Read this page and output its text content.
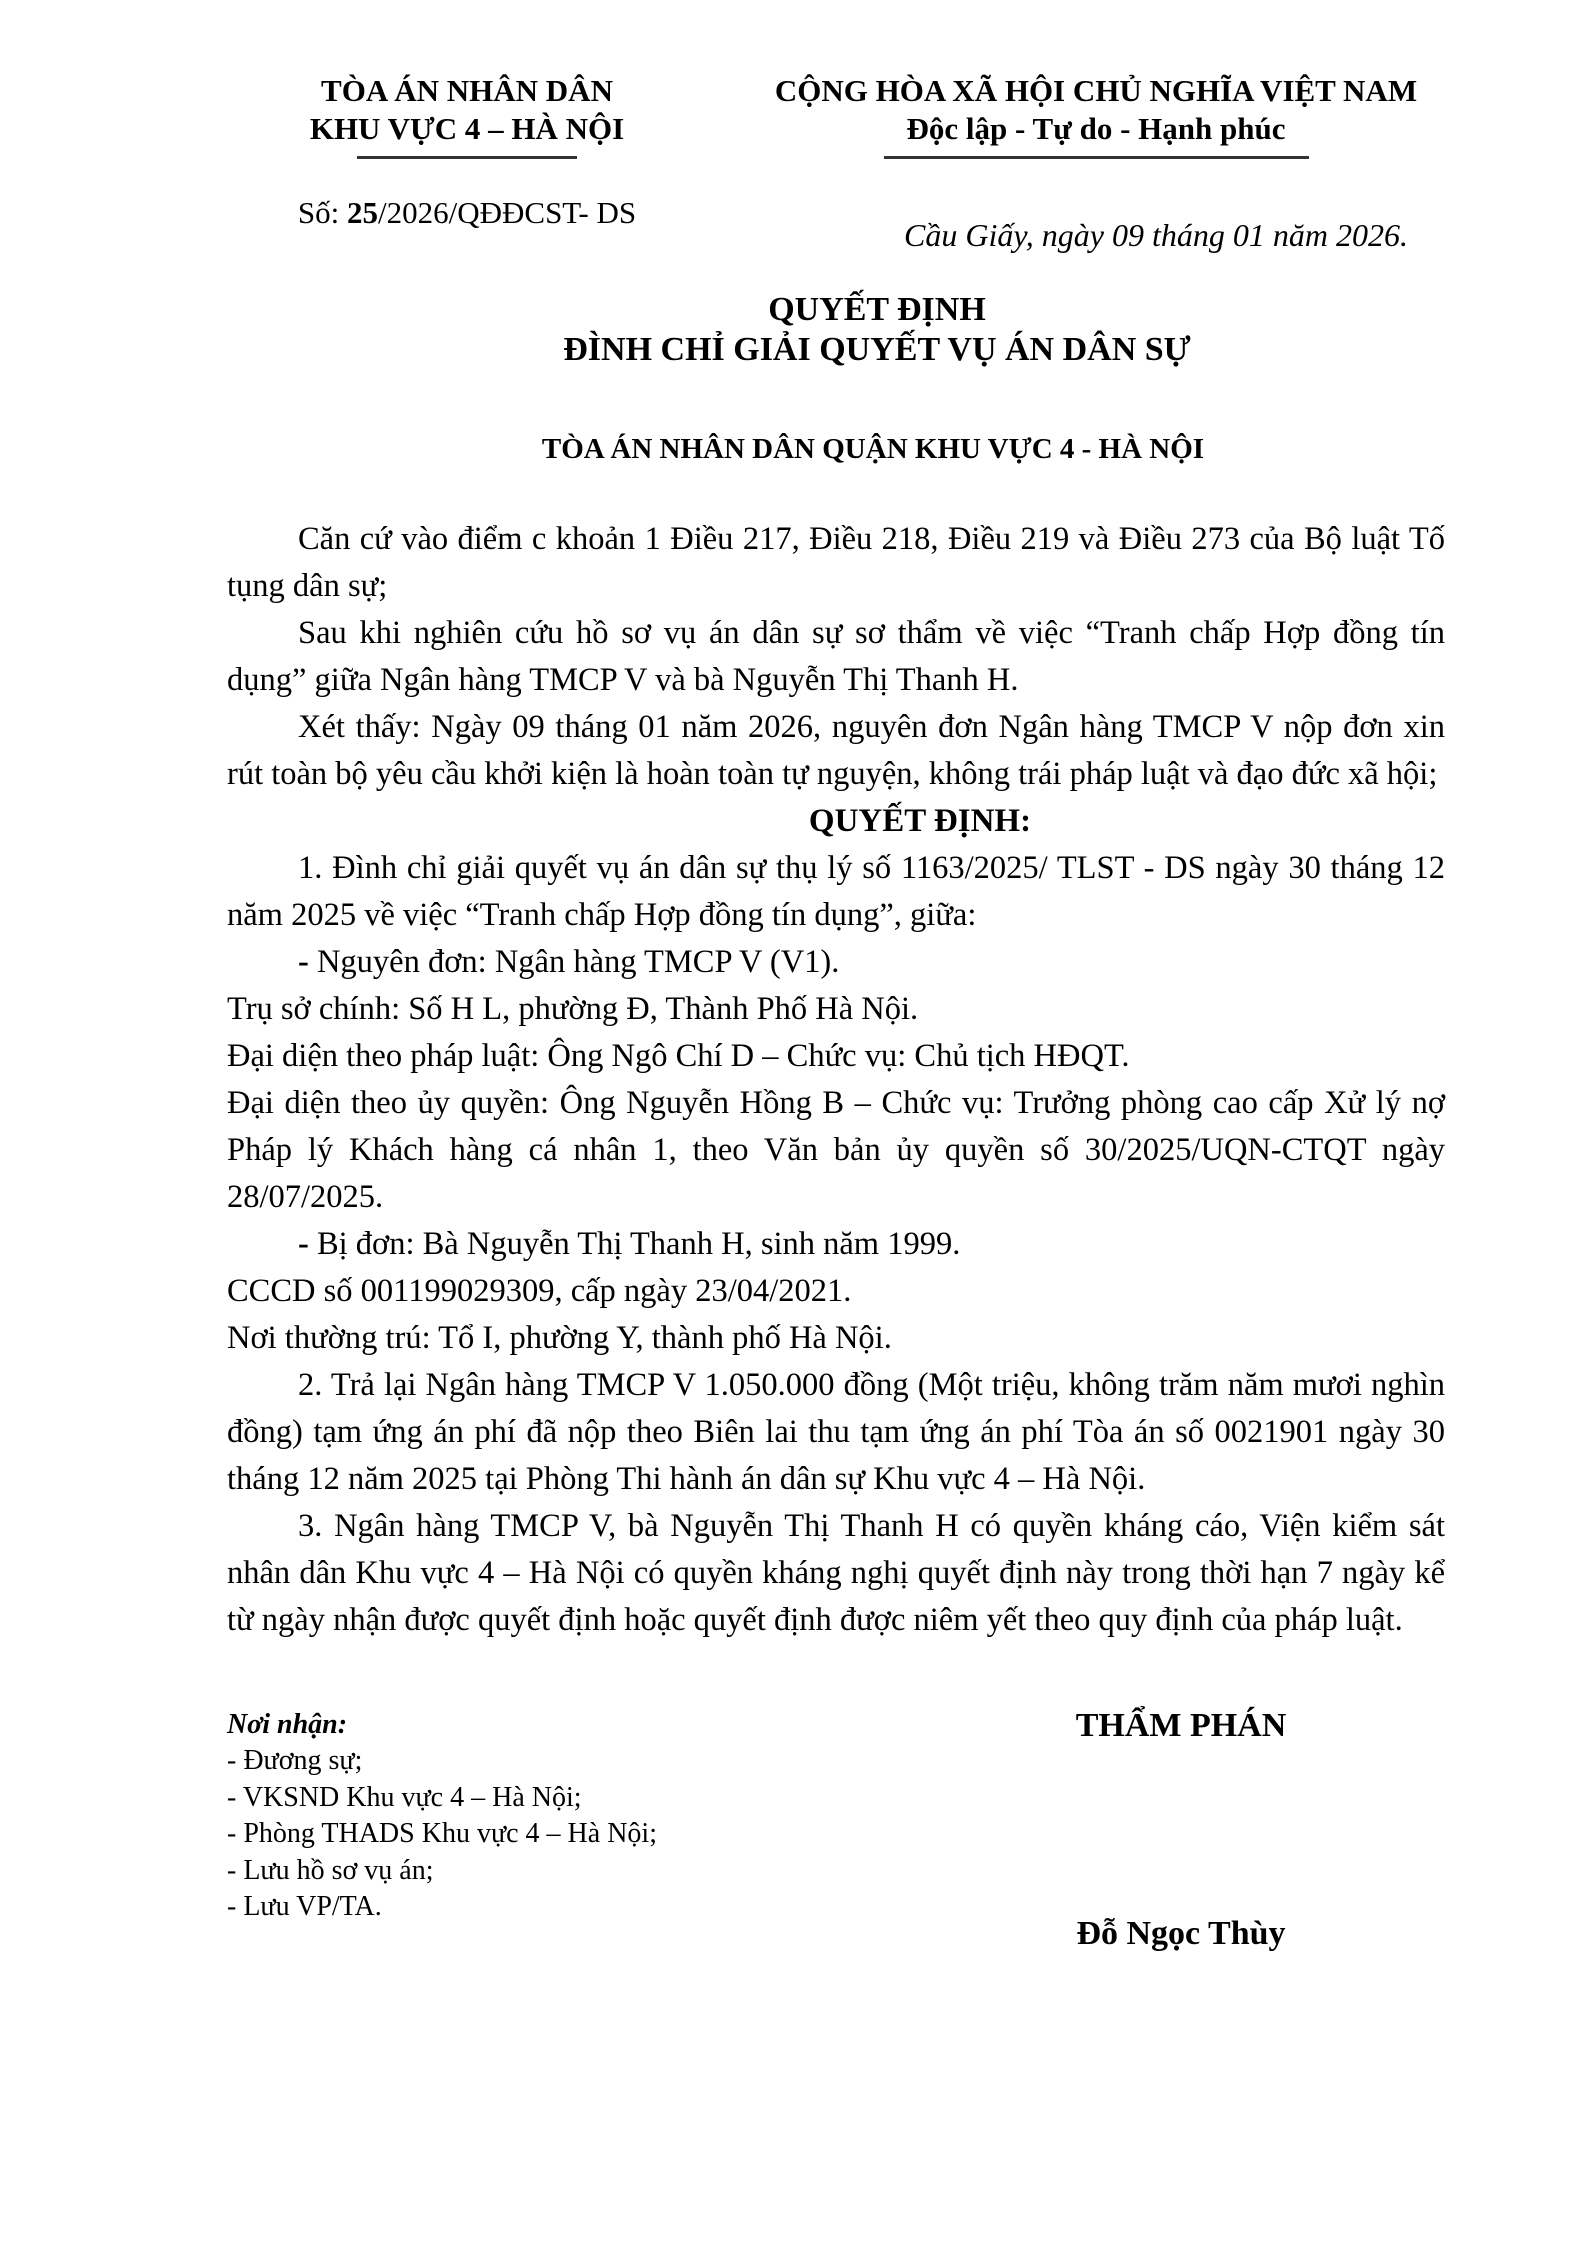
TÒA ÁN NHÂN DÂN
KHU VỰC 4 – HÀ NỘI
Số: 25/2026/QĐĐCST- DS
CỘNG HÒA XÃ HỘI CHỦ NGHĨA VIỆT NAM
Độc lập - Tự do - Hạnh phúc
Cầu Giấy, ngày 09 tháng 01 năm 2026.
QUYẾT ĐỊNH
ĐÌNH CHỈ GIẢI QUYẾT VỤ ÁN DÂN SỰ
TÒA ÁN NHÂN DÂN QUẬN KHU VỰC 4 - HÀ NỘI

Căn cứ vào điểm c khoản 1 Điều 217, Điều 218, Điều 219 và Điều 273 của Bộ luật Tố tụng dân sự;

Sau khi nghiên cứu hồ sơ vụ án dân sự sơ thẩm về việc “Tranh chấp Hợp đồng tín dụng” giữa Ngân hàng TMCP V và bà Nguyễn Thị Thanh H.

Xét thấy: Ngày 09 tháng 01 năm 2026, nguyên đơn Ngân hàng TMCP V nộp đơn xin rút toàn bộ yêu cầu khởi kiện là hoàn toàn tự nguyện, không trái pháp luật và đạo đức xã hội;

QUYẾT ĐỊNH:

1. Đình chỉ giải quyết vụ án dân sự thụ lý số 1163/2025/ TLST - DS ngày 30 tháng 12 năm 2025 về việc “Tranh chấp Hợp đồng tín dụng”, giữa:

- Nguyên đơn: Ngân hàng TMCP V (V1).

Trụ sở chính: Số H L, phường Đ, Thành Phố Hà Nội.

Đại diện theo pháp luật: Ông Ngô Chí D – Chức vụ: Chủ tịch HĐQT.

Đại diện theo ủy quyền: Ông Nguyễn Hồng B – Chức vụ: Trưởng phòng cao cấp Xử lý nợ Pháp lý Khách hàng cá nhân 1, theo Văn bản ủy quyền số 30/2025/UQN-CTQT ngày 28/07/2025.

- Bị đơn: Bà Nguyễn Thị Thanh H, sinh năm 1999.

CCCD số 001199029309, cấp ngày 23/04/2021.

Nơi thường trú: Tổ I, phường Y, thành phố Hà Nội.

2. Trả lại Ngân hàng TMCP V 1.050.000 đồng (Một triệu, không trăm năm mươi nghìn đồng) tạm ứng án phí đã nộp theo Biên lai thu tạm ứng án phí Tòa án số 0021901 ngày 30 tháng 12 năm 2025 tại Phòng Thi hành án dân sự Khu vực 4 – Hà Nội.

3. Ngân hàng TMCP V, bà Nguyễn Thị Thanh H có quyền kháng cáo, Viện kiểm sát nhân dân Khu vực 4 – Hà Nội có quyền kháng nghị quyết định này trong thời hạn 7 ngày kể từ ngày nhận được quyết định hoặc quyết định được niêm yết theo quy định của pháp luật.

Nơi nhận:

- Đương sự;

- VKSND Khu vực 4 – Hà Nội;

- Phòng THADS Khu vực 4 – Hà Nội;

- Lưu hồ sơ vụ án;

- Lưu VP/TA.

THẨM PHÁN
Đỗ Ngọc Thùy
